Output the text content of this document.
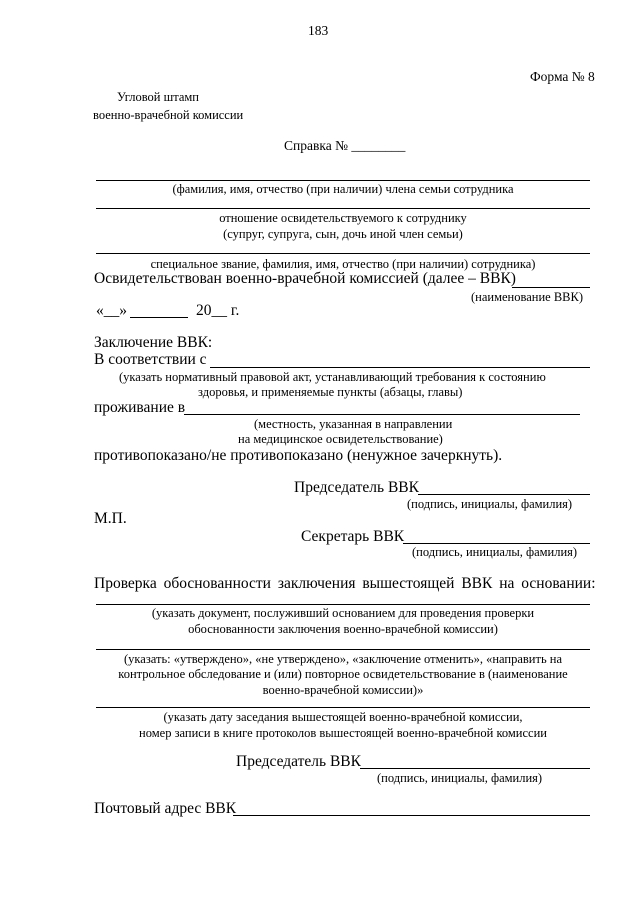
183
Форма № 8
Угловой штамп
военно-врачебной комиссии
Справка № ________
(фамилия, имя, отчество (при наличии) члена семьи сотрудника
отношение освидетельствуемого к сотруднику
(супруг, супруга, сын, дочь иной член семьи)
специальное звание, фамилия, имя, отчество (при наличии) сотрудника)
Освидетельствован военно-врачебной комиссией (далее – ВВК)
(наименование ВВК)
«__»	20__ г.
Заключение ВВК:
В соответствии с
(указать нормативный правовой акт, устанавливающий требования к состоянию
здоровья, и применяемые пункты (абзацы, главы)
проживание в
(местность, указанная в направлении
на медицинское освидетельствование)
противопоказано/не противопоказано (ненужное зачеркнуть).
Председатель ВВК
(подпись, инициалы, фамилия)
М.П.
Секретарь ВВК
(подпись, инициалы, фамилия)
Проверка обоснованности заключения вышестоящей ВВК на основании:
(указать документ, послуживший основанием для проведения проверки
обоснованности заключения военно-врачебной комиссии)
(указать: «утверждено», «не утверждено», «заключение отменить», «направить на
контрольное обследование и (или) повторное освидетельствование в (наименование
военно-врачебной комиссии)»
(указать дату заседания вышестоящей военно-врачебной комиссии,
номер записи в книге протоколов вышестоящей военно-врачебной комиссии
Председатель ВВК
(подпись, инициалы, фамилия)
Почтовый адрес ВВК
